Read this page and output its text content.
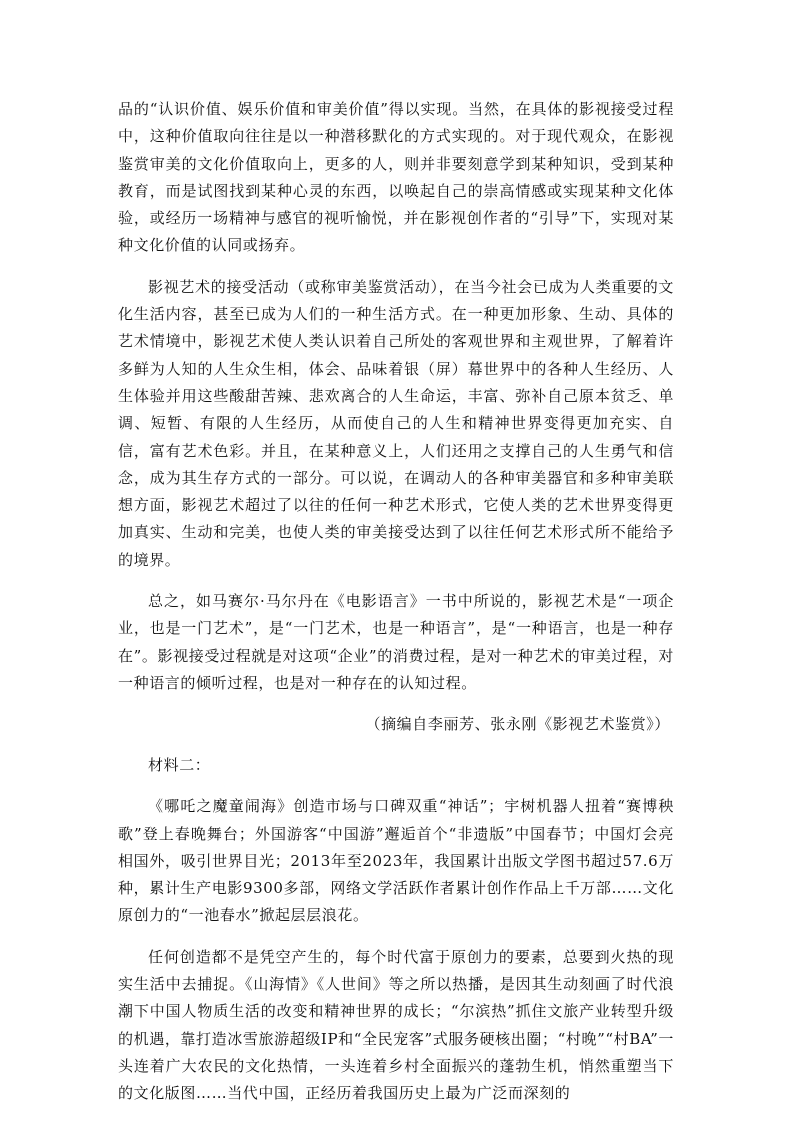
品的“认识价值、娱乐价值和审美价值”得以实现。当然，在具体的影视接受过程中，这种价值取向往往是以一种潜移默化的方式实现的。对于现代观众，在影视鉴赏审美的文化价值取向上，更多的人，则并非要刻意学到某种知识，受到某种教育，而是试图找到某种心灵的东西，以唤起自己的崇高情感或实现某种文化体验，或经历一场精神与感官的视听愉悦，并在影视创作者的“引导”下，实现对某种文化价值的认同或扬弃。

影视艺术的接受活动（或称审美鉴赏活动），在当今社会已成为人类重要的文化生活内容，甚至已成为人们的一种生活方式。在一种更加形象、生动、具体的艺术情境中，影视艺术使人类认识着自己所处的客观世界和主观世界，了解着许多鲜为人知的人生众生相，体会、品味着银（屏）幕世界中的各种人生经历、人生体验并用这些酸甜苦辣、悲欢离合的人生命运，丰富、弥补自己原本贫乏、单调、短暂、有限的人生经历，从而使自己的人生和精神世界变得更加充实、自信，富有艺术色彩。并且，在某种意义上，人们还用之支撑自己的人生勇气和信念，成为其生存方式的一部分。可以说，在调动人的各种审美器官和多种审美联想方面，影视艺术超过了以往的任何一种艺术形式，它使人类的艺术世界变得更加真实、生动和完美，也使人类的审美接受达到了以往任何艺术形式所不能给予的境界。

总之，如马赛尔·马尔丹在《电影语言》一书中所说的，影视艺术是“一项企业，也是一门艺术”，是“一门艺术，也是一种语言”，是“一种语言，也是一种存在”。影视接受过程就是对这项“企业”的消费过程，是对一种艺术的审美过程，对一种语言的倾听过程，也是对一种存在的认知过程。

（摘编自李丽芳、张永刚《影视艺术鉴赏》）

材料二：

《哪吒之魔童闹海》创造市场与口碑双重“神话”；宇树机器人扭着“赛博秧歌”登上春晚舞台；外国游客“中国游”邂逅首个“非遗版”中国春节；中国灯会亮相国外，吸引世界目光；2013年至2023年，我国累计出版文学图书超过57.6万种，累计生产电影9300多部，网络文学活跃作者累计创作作品上千万部……文化原创力的“一池春水”掀起层层浪花。

任何创造都不是凭空产生的，每个时代富于原创力的要素，总要到火热的现实生活中去捕捉。《山海情》《人世间》等之所以热播，是因其生动刻画了时代浪潮下中国人物质生活的改变和精神世界的成长；“尔滨热”抓住文旅产业转型升级的机遇，靠打造冰雪旅游超级IP和“全民宠客”式服务硬核出圈；“村晚”“村BA”一头连着广大农民的文化热情，一头连着乡村全面振兴的蓬勃生机，悄然重塑当下的文化版图……当代中国，正经历着我国历史上最为广泛而深刻的
